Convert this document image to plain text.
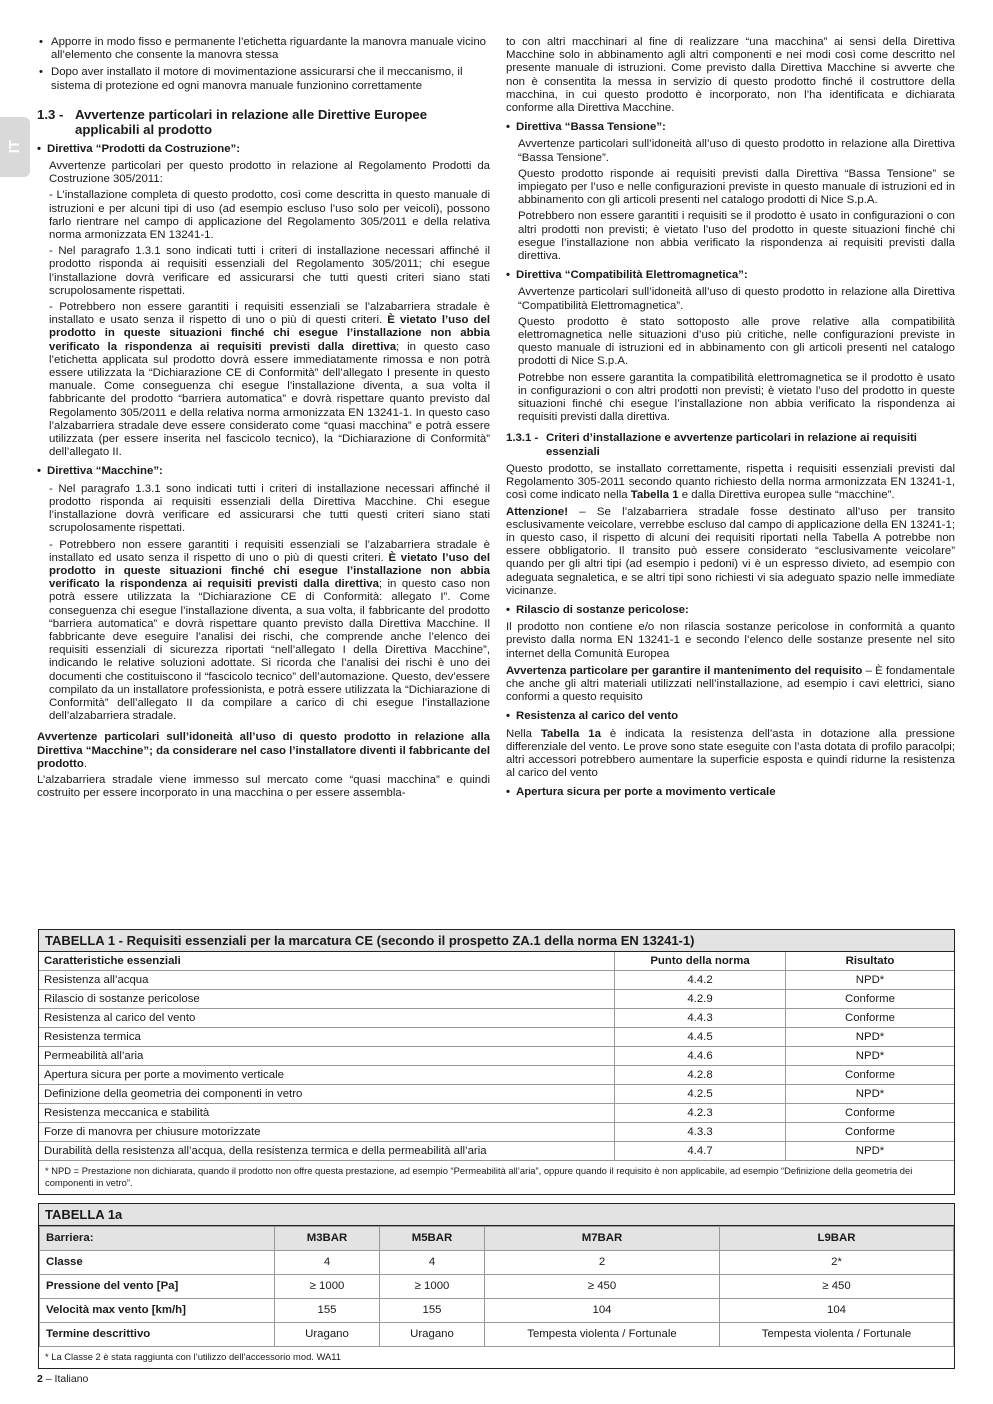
IT
• Apporre in modo fisso e permanente l’etichetta riguardante la manovra manuale vicino all’elemento che consente la manovra stessa
• Dopo aver installato il motore di movimentazione assicurarsi che il meccanismo, il sistema di protezione ed ogni manovra manuale funzionino correttamente
1.3 - Avvertenze particolari in relazione alle Direttive Europee applicabili al prodotto
• Direttiva “Prodotti da Costruzione”:

Avvertenze particolari per questo prodotto in relazione al Regolamento Prodotti da Costruzione 305/2011:

- L’installazione completa di questo prodotto, così come descritta in questo manuale di istruzioni e per alcuni tipi di uso (ad esempio escluso l’uso solo per veicoli), possono farlo rientrare nel campo di applicazione del Regolamento 305/2011 e della relativa norma armonizzata EN 13241-1.

- Nel paragrafo 1.3.1 sono indicati tutti i criteri di installazione necessari affinché il prodotto risponda ai requisiti essenziali del Regolamento 305/2011; chi esegue l’installazione dovrà verificare ed assicurarsi che tutti questi criteri siano stati scrupolosamente rispettati.

- Potrebbero non essere garantiti i requisiti essenziali se l’alzabarriera stradale è installato e usato senza il rispetto di uno o più di questi criteri. È vietato l’uso del prodotto in queste situazioni finché chi esegue l’installazione non abbia verificato la rispondenza ai requisiti previsti dalla direttiva; in questo caso l’etichetta applicata sul prodotto dovrà essere immediatamente rimossa e non potrà essere utilizzata la “Dichiarazione CE di Conformità” dell’allegato I presente in questo manuale. Come conseguenza chi esegue l’installazione diventa, a sua volta il fabbricante del prodotto “barriera automatica” e dovrà rispettare quanto previsto dal Regolamento 305/2011 e della relativa norma armonizzata EN 13241-1. In questo caso l’alzabarriera stradale deve essere considerato come “quasi macchina” e potrà essere utilizzata (per essere inserita nel fascicolo tecnico), la “Dichiarazione di Conformità” dell’allegato II.

• Direttiva “Macchine”:

- Nel paragrafo 1.3.1 sono indicati tutti i criteri di installazione necessari affinché il prodotto risponda ai requisiti essenziali della Direttiva Macchine. Chi esegue l’installazione dovrà verificare ed assicurarsi che tutti questi criteri siano stati scrupolosamente rispettati.

- Potrebbero non essere garantiti i requisiti essenziali se l’alzabarriera stradale è installato ed usato senza il rispetto di uno o più di questi criteri. È vietato l’uso del prodotto in queste situazioni finché chi esegue l’installazione non abbia verificato la rispondenza ai requisiti previsti dalla direttiva; in questo caso non potrà essere utilizzata la “Dichiarazione CE di Conformità: allegato I”. Come conseguenza chi esegue l’installazione diventa, a sua volta, il fabbricante del prodotto “barriera automatica” e dovrà rispettare quanto previsto dalla Direttiva Macchine. Il fabbricante deve eseguire l’analisi dei rischi, che comprende anche l’elenco dei requisiti essenziali di sicurezza riportati “nell’allegato I della Direttiva Macchine”, indicando le relative soluzioni adottate. Si ricorda che l’analisi dei rischi è uno dei documenti che costituiscono il “fascicolo tecnico” dell’automazione. Questo, dev’essere compilato da un installatore professionista, e potrà essere utilizzata la “Dichiarazione di Conformità” dell’allegato II da compilare a carico di chi esegue l’installazione dell’alzabarriera stradale.

Avvertenze particolari sull’idoneità all’uso di questo prodotto in relazione alla Direttiva “Macchine”; da considerare nel caso l’installatore diventi il fabbricante del prodotto.

L’alzabarriera stradale viene immesso sul mercato come “quasi macchina” e quindi costruito per essere incorporato in una macchina o per essere assembla-

to con altri macchinari al fine di realizzare “una macchina” ai sensi della Direttiva Macchine solo in abbinamento agli altri componenti e nei modi così come descritto nel presente manuale di istruzioni. Come previsto dalla Direttiva Macchine si avverte che non è consentita la messa in servizio di questo prodotto finché il costruttore della macchina, in cui questo prodotto è incorporato, non l’ha identificata e dichiarata conforme alla Direttiva Macchine.

• Direttiva “Bassa Tensione”:

Avvertenze particolari sull’idoneità all’uso di questo prodotto in relazione alla Direttiva “Bassa Tensione”.

Questo prodotto risponde ai requisiti previsti dalla Direttiva “Bassa Tensione” se impiegato per l’uso e nelle configurazioni previste in questo manuale di istruzioni ed in abbinamento con gli articoli presenti nel catalogo prodotti di Nice S.p.A.

Potrebbero non essere garantiti i requisiti se il prodotto è usato in configurazioni o con altri prodotti non previsti; è vietato l’uso del prodotto in queste situazioni finché chi esegue l’installazione non abbia verificato la rispondenza ai requisiti previsti dalla direttiva.

• Direttiva “Compatibilità Elettromagnetica”:

Avvertenze particolari sull’idoneità all’uso di questo prodotto in relazione alla Direttiva “Compatibilità Elettromagnetica”.

Questo prodotto è stato sottoposto alle prove relative alla compatibilità elettromagnetica nelle situazioni d’uso più critiche, nelle configurazioni previste in questo manuale di istruzioni ed in abbinamento con gli articoli presenti nel catalogo prodotti di Nice S.p.A.

Potrebbe non essere garantita la compatibilità elettromagnetica se il prodotto è usato in configurazioni o con altri prodotti non previsti; è vietato l’uso del prodotto in queste situazioni finché chi esegue l’installazione non abbia verificato la rispondenza ai requisiti previsti dalla direttiva.

1.3.1 - Criteri d’installazione e avvertenze particolari in relazione ai requisiti essenziali

Questo prodotto, se installato correttamente, rispetta i requisiti essenziali previsti dal Regolamento 305-2011 secondo quanto richiesto della norma armonizzata EN 13241-1, così come indicato nella Tabella 1 e dalla Direttiva europea sulle “macchine”.

Attenzione! – Se l’alzabarriera stradale fosse destinato all’uso per transito esclusivamente veicolare, verrebbe escluso dal campo di applicazione della EN 13241-1; in questo caso, il rispetto di alcuni dei requisiti riportati nella Tabella A potrebbe non essere obbligatorio. Il transito può essere considerato “esclusivamente veicolare” quando per gli altri tipi (ad esempio i pedoni) vi è un espresso divieto, ad esempio con adeguata segnaletica, e se altri tipi sono richiesti vi sia adeguato spazio nelle immediate vicinanze.

• Rilascio di sostanze pericolose:

Il prodotto non contiene e/o non rilascia sostanze pericolose in conformità a quanto previsto dalla norma EN 13241-1 e secondo l’elenco delle sostanze presente nel sito internet della Comunità Europea

Avvertenza particolare per garantire il mantenimento del requisito – È fondamentale che anche gli altri materiali utilizzati nell’installazione, ad esempio i cavi elettrici, siano conformi a questo requisito

• Resistenza al carico del vento

Nella Tabella 1a è indicata la resistenza dell’asta in dotazione alla pressione differenziale del vento. Le prove sono state eseguite con l’asta dotata di profilo paracolpi; altri accessori potrebbero aumentare la superficie esposta e quindi ridurne la resistenza al carico del vento

• Apertura sicura per porte a movimento verticale
TABELLA 1 - Requisiti essenziali per la marcatura CE (secondo il prospetto ZA.1 della norma EN 13241-1)
Caratteristiche essenziali	Punto della norma	Risultato
Resistenza all’acqua	4.4.2	NPD*
Rilascio di sostanze pericolose	4.2.9	Conforme
Resistenza al carico del vento	4.4.3	Conforme
Resistenza termica	4.4.5	NPD*
Permeabilità all’aria	4.4.6	NPD*
Apertura sicura per porte a movimento verticale	4.2.8	Conforme
Definizione della geometria dei componenti in vetro	4.2.5	NPD*
Resistenza meccanica e stabilità	4.2.3	Conforme
Forze di manovra per chiusure motorizzate	4.3.3	Conforme
Durabilità della resistenza all’acqua, della resistenza termica e della permeabilità all’aria	4.4.7	NPD*
* NPD = Prestazione non dichiarata, quando il prodotto non offre questa prestazione, ad esempio “Permeabilità all’aria”, oppure quando il requisito è non applicabile, ad esempio “Definizione della geometria dei componenti in vetro”.
TABELLA 1a
Barriera:	M3BAR	M5BAR	M7BAR	L9BAR
Classe	4	4	2	2*
Pressione del vento [Pa]	≥ 1000	≥ 1000	≥ 450	≥ 450
Velocità max vento [km/h]	155	155	104	104
Termine descrittivo	Uragano	Uragano	Tempesta violenta / Fortunale	Tempesta violenta / Fortunale
* La Classe 2 è stata raggiunta con l’utilizzo dell’accessorio mod. WA11
2 – Italiano
